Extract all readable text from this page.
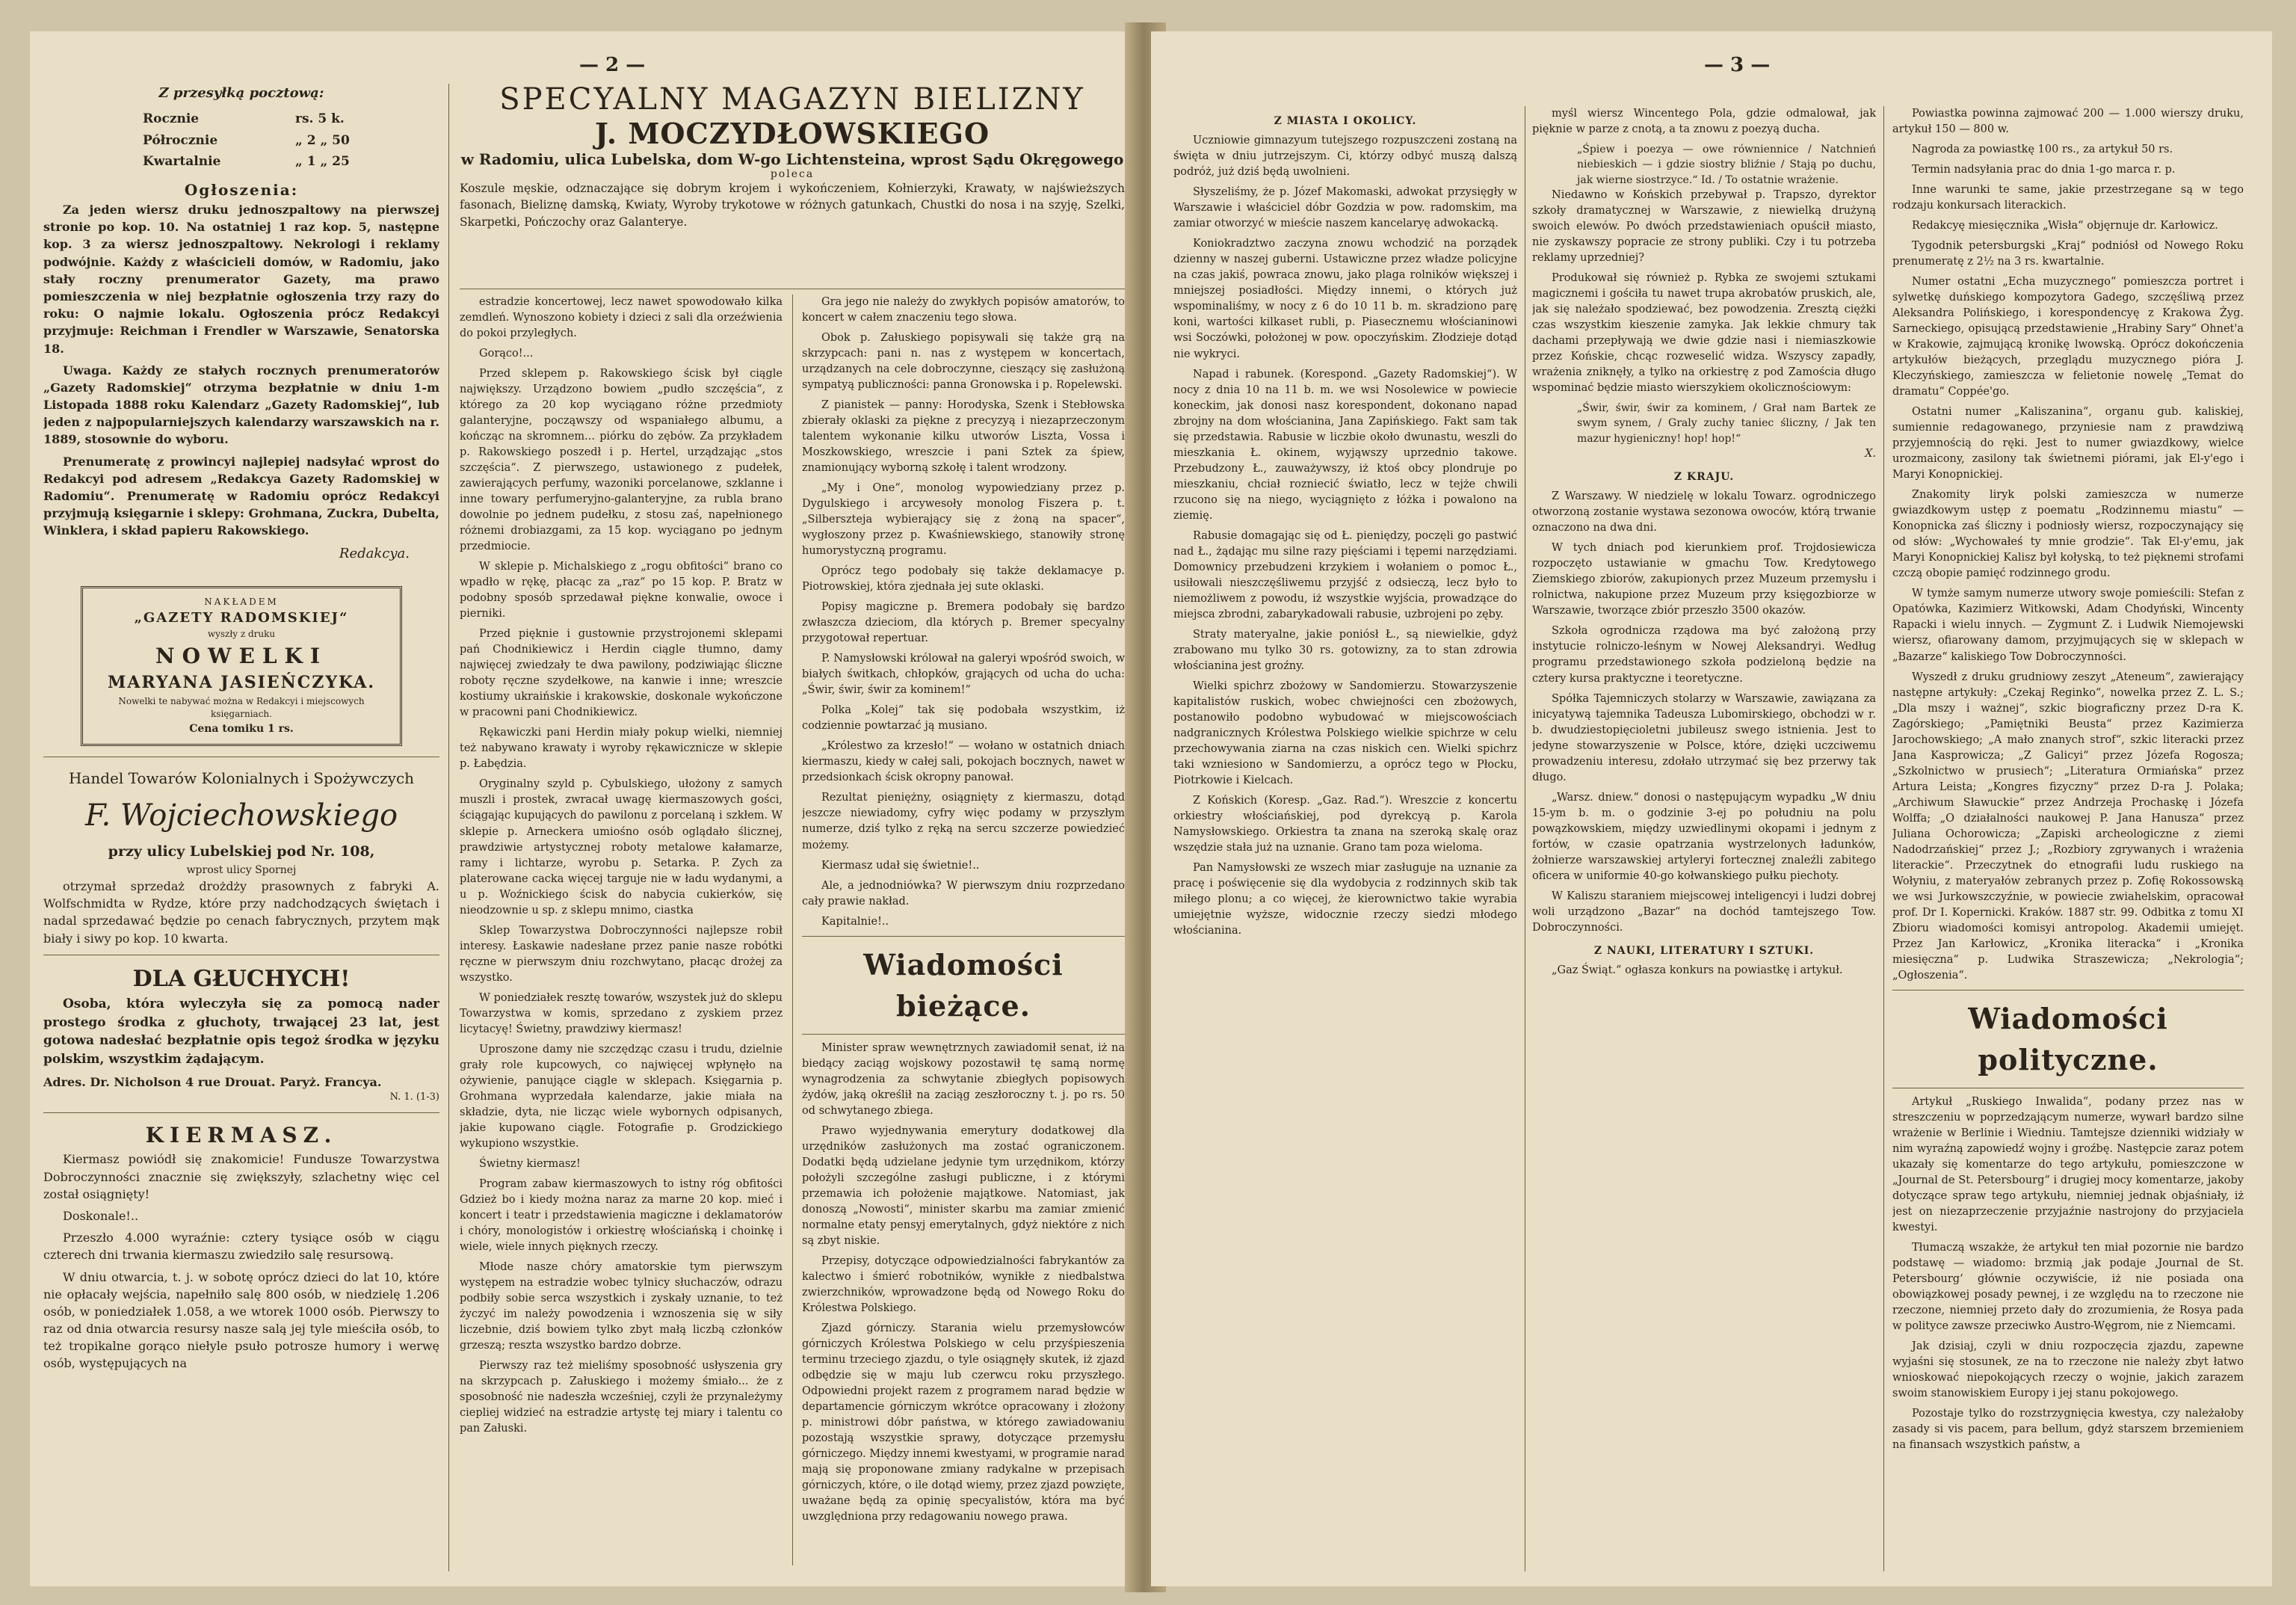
— 2 —
Z przesyłką pocztową:
Rocznie	rs. 5 k.
Półrocznie	„ 2 „ 50
Kwartalnie	„ 1 „ 25
Ogłoszenia:

Za jeden wiersz druku jednoszpaltowy na pierwszej stronie po kop. 10. Na ostatniej 1 raz kop. 5, następne kop. 3 za wiersz jednoszpaltowy. Nekrologi i reklamy podwójnie. Każdy z właścicieli domów, w Radomiu, jako stały roczny prenumerator Gazety, ma prawo pomieszczenia w niej bezpłatnie ogłoszenia trzy razy do roku: O najmie lokalu. Ogłoszenia prócz Redakcyi przyjmuje: Reichman i Frendler w Warszawie, Senatorska 18.

Uwaga. Każdy ze stałych rocznych prenumeratorów „Gazety Radomskiej“ otrzyma bezpłatnie w dniu 1-m Listopada 1888 roku Kalendarz „Gazety Radomskiej“, lub jeden z najpopularniejszych kalendarzy warszawskich na r. 1889, stosownie do wyboru.

Prenumeratę z prowincyi najlepiej nadsyłać wprost do Redakcyi pod adresem „Redakcya Gazety Radomskiej w Radomiu“. Prenumeratę w Radomiu oprócz Redakcyi przyjmują księgarnie i sklepy: Grohmana, Zuckra, Dubelta, Winklera, i skład papieru Rakowskiego.

Redakcya.
NAKŁADEM
„GAZETY RADOMSKIEJ“
wyszły z druku
NOWELKI
MARYANA JASIEŃCZYKA.
Nowelki te nabywać można w Redakcyi i miejscowych księgarniach.
Cena tomiku 1 rs.
Handel Towarów Kolonialnych i Spożywczych
F. Wojciechowskiego
przy ulicy Lubelskiej pod Nr. 108,
wprost ulicy Spornej

otrzymał sprzedaż drożdży prasownych z fabryki A. Wolfschmidta w Rydze, które przy nadchodzących świętach i nadal sprzedawać będzie po cenach fabrycznych, przytem mąk biały i siwy po kop. 10 kwarta.

DLA GŁUCHYCH!

Osoba, która wyleczyła się za pomocą nader prostego środka z głuchoty, trwającej 23 lat, jest gotowa nadesłać bezpłatnie opis tegoż środka w języku polskim, wszystkim żądającym.

Adres. Dr. Nicholson 4 rue Drouat. Paryż. Francya.
N. 1. (1-3)
KIERMASZ.

Kiermasz powiódł się znakomicie! Fundusze Towarzystwa Dobroczynności znacznie się zwiększyły, szlachetny więc cel został osiągnięty!

Doskonale!..

Przeszło 4.000 wyraźnie: cztery tysiące osób w ciągu czterech dni trwania kiermaszu zwiedziło salę resursową.

W dniu otwarcia, t. j. w sobotę oprócz dzieci do lat 10, które nie opłacały wejścia, napełniło salę 800 osób, w niedzielę 1.206 osób, w poniedziałek 1.058, a we wtorek 1000 osób. Pierwszy to raz od dnia otwarcia resursy nasze salą jej tyle mieściła osób, to też tropikalne gorąco niełyle psuło potrosze humory i werwę osób, występujących na

SPECYALNY MAGAZYN BIELIZNY
J. MOCZYDŁOWSKIEGO
w Radomiu, ulica Lubelska, dom W-go Lichtensteina, wprost Sądu Okręgowego
poleca
Koszule męskie, odznaczające się dobrym krojem i wykończeniem, Kołnierzyki, Krawaty, w najświeższych fasonach, Bieliznę damską, Kwiaty, Wyroby trykotowe w różnych gatunkach, Chustki do nosa i na szyję, Szelki, Skarpetki, Pończochy oraz Galanterye.

estradzie koncertowej, lecz nawet spowodowało kilka zemdleń. Wynoszono kobiety i dzieci z sali dla orzeźwienia do pokoi przyległych.

Gorąco!...

Przed sklepem p. Rakowskiego ścisk był ciągle największy. Urządzono bowiem „pudło szczęścia“, z którego za 20 kop wyciągano różne przedmioty galanteryjne, począwszy od wspaniałego albumu, a kończąc na skromnem... piórku do zębów. Za przykładem p. Rakowskiego poszedł i p. Hertel, urządzając „stos szczęścia“. Z pierwszego, ustawionego z pudełek, zawierających perfumy, wazoniki porcelanowe, szklanne i inne towary perfumeryjno-galanteryjne, za rubla brano dowolnie po jednem pudełku, z stosu zaś, napełnionego różnemi drobiazgami, za 15 kop. wyciągano po jednym przedmiocie.

W sklepie p. Michalskiego z „rogu obfitości“ brano co wpadło w rękę, płacąc za „raz“ po 15 kop. P. Bratz w podobny sposób sprzedawał piękne konwalie, owoce i pierniki.

Przed pięknie i gustownie przystrojonemi sklepami pań Chodnikiewicz i Herdin ciągle tłumno, damy najwięcej zwiedzały te dwa pawilony, podziwiając śliczne roboty ręczne szydełkowe, na kanwie i inne; wreszcie kostiumy ukraińskie i krakowskie, doskonale wykończone w pracowni pani Chodnikiewicz.

Rękawiczki pani Herdin miały pokup wielki, niemniej też nabywano krawaty i wyroby rękawicznicze w sklepie p. Łabędzia.

Oryginalny szyld p. Cybulskiego, ułożony z samych muszli i prostek, zwracał uwagę kiermaszowych gości, ściągając kupujących do pawilonu z porcelaną i szkłem. W sklepie p. Arneckera umiośno osób oglądało ślicznej, prawdziwie artystycznej roboty metalowe kałamarze, ramy i lichtarze, wyrobu p. Setarka. P. Zych za platerowane cacka więcej targuje nie w ładu wydanymi, a u p. Woźnickiego ścisk do nabycia cukierków, się nieodzownie u sp. z sklepu mnimo, ciastka

Sklep Towarzystwa Dobroczynności najlepsze robił interesy. Łaskawie nadesłane przez panie nasze robótki ręczne w pierwszym dniu rozchwytano, płacąc drożej za wszystko.

W poniedziałek resztę towarów, wszystek już do sklepu Towarzystwa w komis, sprzedano z zyskiem przez licytacyę! Świetny, prawdziwy kiermasz!

Uproszone damy nie szczędząc czasu i trudu, dzielnie grały role kupcowych, co najwięcej wpłynęło na ożywienie, panujące ciągle w sklepach. Księgarnia p. Grohmana wyprzedała kalendarze, jakie miała na składzie, dyta, nie licząc wiele wybornych odpisanych, jakie kupowano ciągle. Fotografie p. Grodzickiego wykupiono wszystkie.

Świetny kiermasz!

Program zabaw kiermaszowych to istny róg obfitości Gdzież bo i kiedy można naraz za marne 20 kop. mieć i koncert i teatr i przedstawienia magiczne i deklamatorów i chóry, monologistów i orkiestrę włościańską i choinkę i wiele, wiele innych pięknych rzeczy.

Młode nasze chóry amatorskie tym pierwszym występem na estradzie wobec tylnicy słuchaczów, odrazu podbiły sobie serca wszystkich i zyskały uznanie, to też życzyć im należy powodzenia i wznoszenia się w siły liczebnie, dziś bowiem tylko zbyt małą liczbą członków grzeszą; reszta wszystko bardzo dobrze.

Pierwszy raz też mieliśmy sposobność usłyszenia gry na skrzypcach p. Załuskiego i możemy śmiało... że z sposobność nie nadeszła wcześniej, czyli że przynależymy ciepliej widzieć na estradzie artystę tej miary i talentu co pan Załuski.

Gra jego nie należy do zwykłych popisów amatorów, to koncert w całem znaczeniu tego słowa.

Obok p. Załuskiego popisywali się także grą na skrzypcach: pani n. nas z występem w koncertach, urządzanych na cele dobroczynne, cieszący się zasłużoną sympatyą publiczności: panna Gronowska i p. Ropelewski.

Z pianistek — panny: Horodyska, Szenk i Stebłowska zbierały oklaski za piękne z precyzyą i niezaprzeczonym talentem wykonanie kilku utworów Liszta, Vossa i Moszkowskiego, wreszcie i pani Sztek za śpiew, znamionujący wyborną szkołę i talent wrodzony.

„My i One“, monolog wypowiedziany przez p. Dygulskiego i arcywesoły monolog Fiszera p. t. „Silberszteja wybierający się z żoną na spacer“, wygłoszony przez p. Kwaśniewskiego, stanowiły stronę humorystyczną programu.

Oprócz tego podobały się także deklamacye p. Piotrowskiej, która zjednała jej sute oklaski.

Popisy magiczne p. Bremera podobały się bardzo zwłaszcza dzieciom, dla których p. Bremer specyalny przygotował repertuar.

P. Namysłowski królował na galeryi wpośród swoich, w białych świtkach, chłopków, grających od ucha do ucha: „Świr, świr, świr za kominem!“

Polka „Kolej“ tak się podobała wszystkim, iż codziennie powtarzać ją musiano.

„Królestwo za krzesło!“ — wołano w ostatnich dniach kiermaszu, kiedy w całej sali, pokojach bocznych, nawet w przedsionkach ścisk okropny panował.

Rezultat pieniężny, osiągnięty z kiermaszu, dotąd jeszcze niewiadomy, cyfry więc podamy w przyszłym numerze, dziś tylko z ręką na sercu szczerze powiedzieć możemy.

Kiermasz udał się świetnie!..

Ale, a jednodniówka? W pierwszym dniu rozprzedano cały prawie nakład.

Kapitalnie!..

Wiadomości bieżące.

Minister spraw wewnętrznych zawiadomił senat, iż na biedący zaciąg wojskowy pozostawił tę samą normę wynagrodzenia za schwytanie zbiegłych popisowych żydów, jaką określił na zaciąg zeszłoroczny t. j. po rs. 50 od schwytanego zbiega.

Prawo wyjednywania emerytury dodatkowej dla urzędników zasłużonych ma zostać ograniczonem. Dodatki będą udzielane jedynie tym urzędnikom, którzy położyli szczególne zasługi publiczne, i z którymi przemawia ich położenie majątkowe. Natomiast, jak donoszą „Nowosti“, minister skarbu ma zamiar zmienić normalne etaty pensyj emerytalnych, gdyż niektóre z nich są zbyt niskie.

Przepisy, dotyczące odpowiedzialności fabrykantów za kalectwo i śmierć robotników, wynikłe z niedbalstwa zwierzchników, wprowadzone będą od Nowego Roku do Królestwa Polskiego.

Zjazd górniczy. Starania wielu przemysłowców górniczych Królestwa Polskiego w celu przyśpieszenia terminu trzeciego zjazdu, o tyle osiągnęły skutek, iż zjazd odbędzie się w maju lub czerwcu roku przyszłego. Odpowiedni projekt razem z programem narad będzie w departamencie górniczym wkrótce opracowany i złożony p. ministrowi dóbr państwa, w którego zawiadowaniu pozostają wszystkie sprawy, dotyczące przemysłu górniczego. Między innemi kwestyami, w programie narad mają się proponowane zmiany radykalne w przepisach górniczych, które, o ile dotąd wiemy, przez zjazd powzięte, uważane będą za opinię specyalistów, która ma być uwzględniona przy redagowaniu nowego prawa.

— 3 —
Z MIASTA I OKOLICY.

Uczniowie gimnazyum tutejszego rozpuszczeni zostaną na święta w dniu jutrzejszym. Ci, którzy odbyć muszą dalszą podróż, już dziś będą uwolnieni.

Słyszeliśmy, że p. Józef Makomaski, adwokat przysięgły w Warszawie i właściciel dóbr Gozdzia w pow. radomskim, ma zamiar otworzyć w mieście naszem kancelaryę adwokacką.

Koniokradztwo zaczyna znowu wchodzić na porządek dzienny w naszej guberni. Ustawiczne przez władze policyjne na czas jakiś, powraca znowu, jako plaga rolników większej i mniejszej posiadłości. Między innemi, o których już wspominaliśmy, w nocy z 6 do 10 11 b. m. skradziono parę koni, wartości kilkaset rubli, p. Piasecznemu włościaninowi wsi Soczówki, położonej w pow. opoczyńskim. Złodzieje dotąd nie wykryci.

Napad i rabunek. (Korespond. „Gazety Radomskiej“). W nocy z dnia 10 na 11 b. m. we wsi Nosolewice w powiecie koneckim, jak donosi nasz korespondent, dokonano napad zbrojny na dom włościanina, Jana Zapińskiego. Fakt sam tak się przedstawia. Rabusie w liczbie około dwunastu, weszli do mieszkania Ł. okinem, wyjąwszy uprzednio takowe. Przebudzony Ł., zauważywszy, iż ktoś obcy plondruje po mieszkaniu, chciał rozniecić światło, lecz w tejże chwili rzucono się na niego, wyciągnięto z łóżka i powalono na ziemię.

Rabusie domagając się od Ł. pieniędzy, poczęli go pastwić nad Ł., żądając mu silne razy pięściami i tępemi narzędziami. Domownicy przebudzeni krzykiem i wołaniem o pomoc Ł., usiłowali nieszczęśliwemu przyjść z odsieczą, lecz było to niemożliwem z powodu, iż wszystkie wyjścia, prowadzące do miejsca zbrodni, zabarykadowali rabusie, uzbrojeni po zęby.

Straty materyalne, jakie poniósł Ł., są niewielkie, gdyż zrabowano mu tylko 30 rs. gotowizny, za to stan zdrowia włościanina jest groźny.

Wielki spichrz zbożowy w Sandomierzu. Stowarzyszenie kapitalistów ruskich, wobec chwiejności cen zbożowych, postanowiło podobno wybudować w miejscowościach nadgranicznych Królestwa Polskiego wielkie spichrze w celu przechowywania ziarna na czas niskich cen. Wielki spichrz taki wzniesiono w Sandomierzu, a oprócz tego w Płocku, Piotrkowie i Kielcach.

Z Końskich (Koresp. „Gaz. Rad.“). Wreszcie z koncertu orkiestry włościańskiej, pod dyrekcyą p. Karola Namysłowskiego. Orkiestra ta znana na szeroką skalę oraz wszędzie stała już na uznanie. Grano tam poza wieloma.

Pan Namysłowski ze wszech miar zasługuje na uznanie za pracę i poświęcenie się dla wydobycia z rodzinnych skib tak miłego plonu; a co więcej, że kierownictwo takie wyrabia umiejętnie wyższe, widocznie rzeczy siedzi młodego włościanina.

myśl wiersz Wincentego Pola, gdzie odmalował, jak pięknie w parze z cnotą, a ta znowu z poezyą ducha.

„Śpiew i poezya — owe równiennice / Natchnień niebieskich — i gdzie siostry bliźnie / Stają po duchu, jak wierne siostrzyce.“ Id. / To ostatnie wrażenie.

Niedawno w Końskich przebywał p. Trapszo, dyrektor szkoły dramatycznej w Warszawie, z niewielką drużyną swoich elewów. Po dwóch przedstawieniach opuścił miasto, nie zyskawszy popracie ze strony publiki. Czy i tu potrzeba reklamy uprzedniej?

Produkował się również p. Rybka ze swojemi sztukami magicznemi i gościła tu nawet trupa akrobatów pruskich, ale, jak się należało spodziewać, bez powodzenia. Zresztą ciężki czas wszystkim kieszenie zamyka. Jak lekkie chmury tak dachami przepływają we dwie gdzie nasi i niemiaszkowie przez Końskie, chcąc rozweselić widza. Wszyscy zapadły, wrażenia zniknęły, a tylko na orkiestrę z pod Zamościa długo wspominać będzie miasto wierszykiem okolicznościowym:

„Świr, świr, świr za kominem, / Grał nam Bartek ze swym synem, / Graly zuchy taniec śliczny, / Jak ten mazur hygieniczny! hop! hop!“
X.
Z KRAJU.

Z Warszawy. W niedzielę w lokalu Towarz. ogrodniczego otworzoną zostanie wystawa sezonowa owoców, którą trwanie oznaczono na dwa dni.

W tych dniach pod kierunkiem prof. Trojdosiewicza rozpoczęto ustawianie w gmachu Tow. Kredytowego Ziemskiego zbiorów, zakupionych przez Muzeum przemysłu i rolnictwa, nakupione przez Muzeum przy księgozbiorze w Warszawie, tworzące zbiór przeszło 3500 okazów.

Szkoła ogrodnicza rządowa ma być założoną przy instytucie rolniczo-leśnym w Nowej Aleksandryi. Według programu przedstawionego szkoła podzieloną będzie na cztery kursa praktyczne i teoretyczne.

Spółka Tajemniczych stolarzy w Warszawie, zawiązana za inicyatywą tajemnika Tadeusza Lubomirskiego, obchodzi w r. b. dwudziestopięcioletni jubileusz swego istnienia. Jest to jedyne stowarzyszenie w Polsce, które, dzięki uczciwemu prowadzeniu interesu, zdołało utrzymać się bez przerwy tak długo.

„Warsz. dniew.“ donosi o następującym wypadku „W dniu 15-ym b. m. o godzinie 3-ej po południu na polu powązkowskiem, między uzwiedlinymi okopami i jednym z fortów, w czasie opatrzania wystrzelonych ładunków, żołnierze warszawskiej artyleryi fortecznej znaleźli zabitego oficera w uniformie 40-go kołwanskiego pułku piechoty.

W Kaliszu staraniem miejscowej inteligencyi i ludzi dobrej woli urządzono „Bazar“ na dochód tamtejszego Tow. Dobroczynności.

Z NAUKI, LITERATURY I SZTUKI.

„Gaz Świąt.“ ogłasza konkurs na powiastkę i artykuł.

Powiastka powinna zajmować 200 — 1.000 wierszy druku, artykuł 150 — 800 w.

Nagroda za powiastkę 100 rs., za artykuł 50 rs.

Termin nadsyłania prac do dnia 1-go marca r. p.

Inne warunki te same, jakie przestrzegane są w tego rodzaju konkursach literackich.

Redakcyę miesięcznika „Wisła“ objęrnuje dr. Karłowicz.

Tygodnik petersburgski „Kraj“ podniósł od Nowego Roku prenumeratę z 2½ na 3 rs. kwartalnie.

Numer ostatni „Echa muzycznego“ pomieszcza portret i sylwetkę duńskiego kompozytora Gadego, szczęśliwą przez Aleksandra Polińskiego, i korespondencyę z Krakowa Żyg. Sarneckiego, opisującą przedstawienie „Hrabiny Sary“ Ohnet'a w Krakowie, zajmującą kronikę lwowską. Oprócz dokończenia artykułów bieżących, przeglądu muzycznego pióra J. Kleczyńskiego, zamieszcza w felietonie nowelę „Temat do dramatu“ Coppée'go.

Ostatni numer „Kaliszanina“, organu gub. kaliskiej, sumiennie redagowanego, przyniesie nam z prawdziwą przyjemnością do ręki. Jest to numer gwiazdkowy, wielce urozmaicony, zasilony tak świetnemi piórami, jak El-y'ego i Maryi Konopnickiej.

Znakomity liryk polski zamieszcza w numerze gwiazdkowym ustęp z poematu „Rodzinnemu miastu“ — Konopnicka zaś śliczny i podniosły wiersz, rozpoczynający się od słów: „Wychowałeś ty mnie grodzie“. Tak El-y'emu, jak Maryi Konopnickiej Kalisz był kołyską, to też pięknemi strofami czczą obopie pamięć rodzinnego grodu.

W tymże samym numerze utwory swoje pomieścili: Stefan z Opatówka, Kazimierz Witkowski, Adam Chodyński, Wincenty Rapacki i wielu innych. — Zygmunt Z. i Ludwik Niemojewski wiersz, ofiarowany damom, przyjmujących się w sklepach w „Bazarze“ kaliskiego Tow Dobroczynności.

Wyszedł z druku grudniowy zeszyt „Ateneum“, zawierający następne artykuły: „Czekaj Reginko“, nowelka przez Z. L. S.; „Dla mszy i ważnej“, szkic biograficzny przez D-ra K. Zagórskiego; „Pamiętniki Beusta“ przez Kazimierza Jarochowskiego; „A mało znanych strof“, szkic literacki przez Jana Kasprowicza; „Z Galicyi“ przez Józefa Rogosza; „Szkolnictwo w prusiech“; „Literatura Ormiańska“ przez Artura Leista; „Kongres fizyczny“ przez D-ra J. Polaka; „Archiwum Sławuckie“ przez Andrzeja Prochaskę i Józefa Wolffa; „O działalności naukowej P. Jana Hanusza“ przez Juliana Ochorowicza; „Zapiski archeologiczne z ziemi Nadodrzańskiej“ przez J.; „Rozbiory zgrywanych i wrażenia literackie“. Przeczytnek do etnografii ludu ruskiego na Wołyniu, z materyałów zebranych przez p. Zofię Rokossowską we wsi Jurkowszczyźnie, w powiecie zwiahelskim, opracował prof. Dr I. Kopernicki. Kraków. 1887 str. 99. Odbitka z tomu XI Zbioru wiadomości komisyi antropolog. Akademii umiejęt. Przez Jan Karłowicz, „Kronika literacka“ i „Kronika miesięczna“ p. Ludwika Straszewicza; „Nekrologia“; „Ogłoszenia“.

Wiadomości polityczne.

Artykuł „Ruskiego Inwalida“, podany przez nas w streszczeniu w poprzedzającym numerze, wywarł bardzo silne wrażenie w Berlinie i Wiedniu. Tamtejsze dzienniki widziały w nim wyraźną zapowiedź wojny i groźbę. Następcie zaraz potem ukazały się komentarze do tego artykułu, pomieszczone w „Journal de St. Petersbourg“ i drugiej mocy komentarze, jakoby dotyczące spraw tego artykułu, niemniej jednak objaśniały, iż jest on niezaprzeczenie przyjaźnie nastrojony do przyjaciela kwestyi.

Tłumaczą wszakże, że artykuł ten miał pozornie nie bardzo podstawę — wiadomo: brzmią ‚jak podaje ‚Journal de St. Petersbourg‘ głównie oczywiście, iż nie posiada ona obowiązkowej posady pewnej, i ze względu na to rzeczone nie rzeczone, niemniej przeto dały do zrozumienia, że Rosya pada w polityce zawsze przeciwko Austro-Węgrom, nie z Niemcami.

Jak dzisiaj, czyli w dniu rozpoczęcia zjazdu, zapewne wyjaśni się stosunek, ze na to rzeczone nie należy zbyt łatwo wnioskować niepokojących rzeczy o wojnie, jakich zarazem swoim stanowiskiem Europy i jej stanu pokojowego.

Pozostaje tylko do rozstrzygnięcia kwestya, czy należałoby zasady si vis pacem, para bellum, gdyż starszem brzemieniem na finansach wszystkich państw, a
